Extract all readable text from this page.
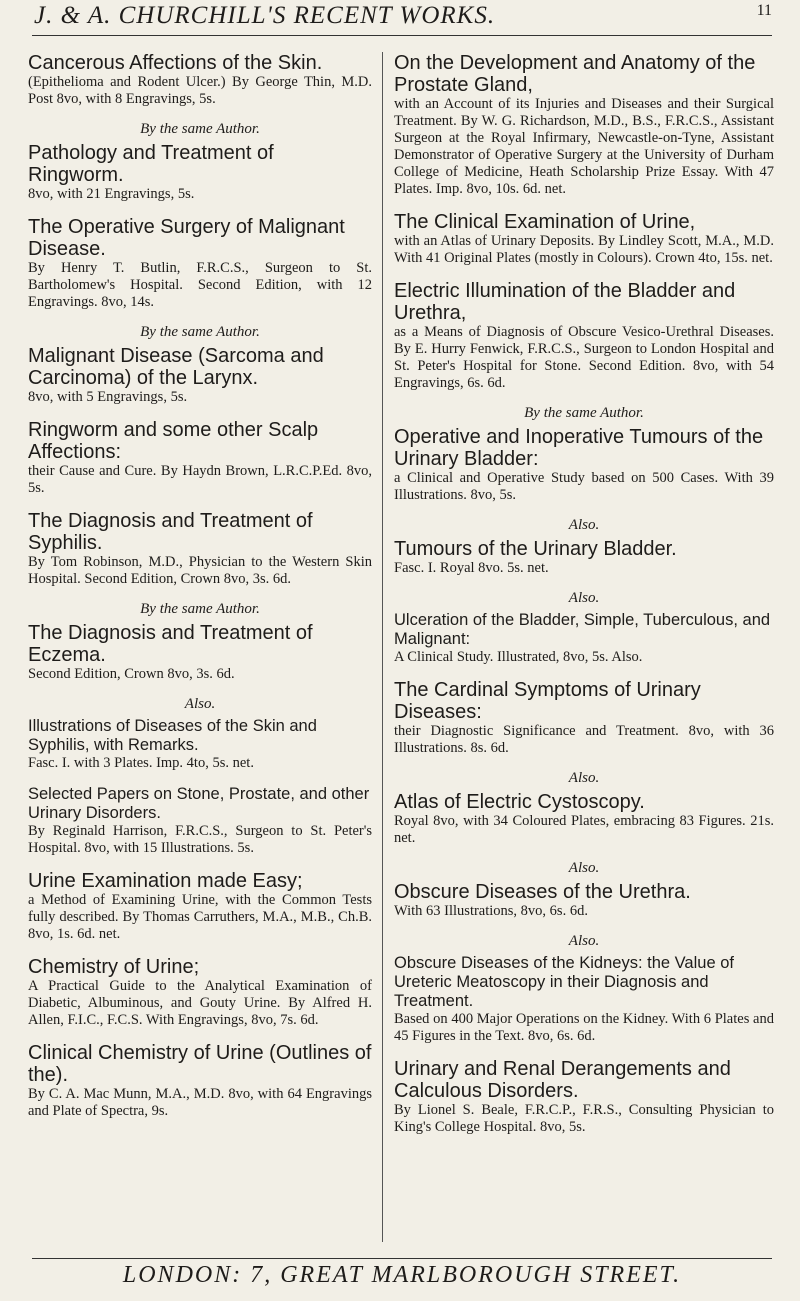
J. & A. CHURCHILL'S RECENT WORKS.	11
Cancerous Affections of the Skin.
(Epithelioma and Rodent Ulcer.) By George Thin, M.D. Post 8vo, with 8 Engravings, 5s.
By the same Author.
Pathology and Treatment of Ringworm.
8vo, with 21 Engravings, 5s.
The Operative Surgery of Malignant Disease.
By Henry T. Butlin, F.R.C.S., Surgeon to St. Bartholomew's Hospital. Second Edition, with 12 Engravings. 8vo, 14s.
By the same Author.
Malignant Disease (Sarcoma and Carcinoma) of the Larynx.
8vo, with 5 Engravings, 5s.
Ringworm and some other Scalp Affections:
their Cause and Cure. By Haydn Brown, L.R.C.P.Ed. 8vo, 5s.
The Diagnosis and Treatment of Syphilis.
By Tom Robinson, M.D., Physician to the Western Skin Hospital. Second Edition, Crown 8vo, 3s. 6d.
By the same Author.
The Diagnosis and Treatment of Eczema.
Second Edition, Crown 8vo, 3s. 6d.
Also.
Illustrations of Diseases of the Skin and Syphilis, with Remarks.
Fasc. I. with 3 Plates. Imp. 4to, 5s. net.
Selected Papers on Stone, Prostate, and other Urinary Disorders.
By Reginald Harrison, F.R.C.S., Surgeon to St. Peter's Hospital. 8vo, with 15 Illustrations. 5s.
Urine Examination made Easy;
a Method of Examining Urine, with the Common Tests fully described. By Thomas Carruthers, M.A., M.B., Ch.B. 8vo, 1s. 6d. net.
Chemistry of Urine;
A Practical Guide to the Analytical Examination of Diabetic, Albuminous, and Gouty Urine. By Alfred H. Allen, F.I.C., F.C.S. With Engravings, 8vo, 7s. 6d.
Clinical Chemistry of Urine (Outlines of the).
By C. A. Mac Munn, M.A., M.D. 8vo, with 64 Engravings and Plate of Spectra, 9s.
On the Development and Anatomy of the Prostate Gland,
with an Account of its Injuries and Diseases and their Surgical Treatment. By W. G. Richardson, M.D., B.S., F.R.C.S., Assistant Surgeon at the Royal Infirmary, Newcastle-on-Tyne, Assistant Demonstrator of Operative Surgery at the University of Durham College of Medicine, Heath Scholarship Prize Essay. With 47 Plates. Imp. 8vo, 10s. 6d. net.
The Clinical Examination of Urine,
with an Atlas of Urinary Deposits. By Lindley Scott, M.A., M.D. With 41 Original Plates (mostly in Colours). Crown 4to, 15s. net.
Electric Illumination of the Bladder and Urethra,
as a Means of Diagnosis of Obscure Vesico-Urethral Diseases. By E. Hurry Fenwick, F.R.C.S., Surgeon to London Hospital and St. Peter's Hospital for Stone. Second Edition. 8vo, with 54 Engravings, 6s. 6d.
By the same Author.
Operative and Inoperative Tumours of the Urinary Bladder:
a Clinical and Operative Study based on 500 Cases. With 39 Illustrations. 8vo, 5s.
Also.
Tumours of the Urinary Bladder.
Fasc. I. Royal 8vo. 5s. net.
Also.
Ulceration of the Bladder, Simple, Tuberculous, and Malignant:
A Clinical Study. Illustrated, 8vo, 5s. Also.
The Cardinal Symptoms of Urinary Diseases:
their Diagnostic Significance and Treatment. 8vo, with 36 Illustrations. 8s. 6d.
Also.
Atlas of Electric Cystoscopy.
Royal 8vo, with 34 Coloured Plates, embracing 83 Figures. 21s. net.
Also.
Obscure Diseases of the Urethra.
With 63 Illustrations, 8vo, 6s. 6d.
Also.
Obscure Diseases of the Kidneys: the Value of Ureteric Meatoscopy in their Diagnosis and Treatment.
Based on 400 Major Operations on the Kidney. With 6 Plates and 45 Figures in the Text. 8vo, 6s. 6d.
Urinary and Renal Derangements and Calculous Disorders.
By Lionel S. Beale, F.R.C.P., F.R.S., Consulting Physician to King's College Hospital. 8vo, 5s.
LONDON: 7, GREAT MARLBOROUGH STREET.
